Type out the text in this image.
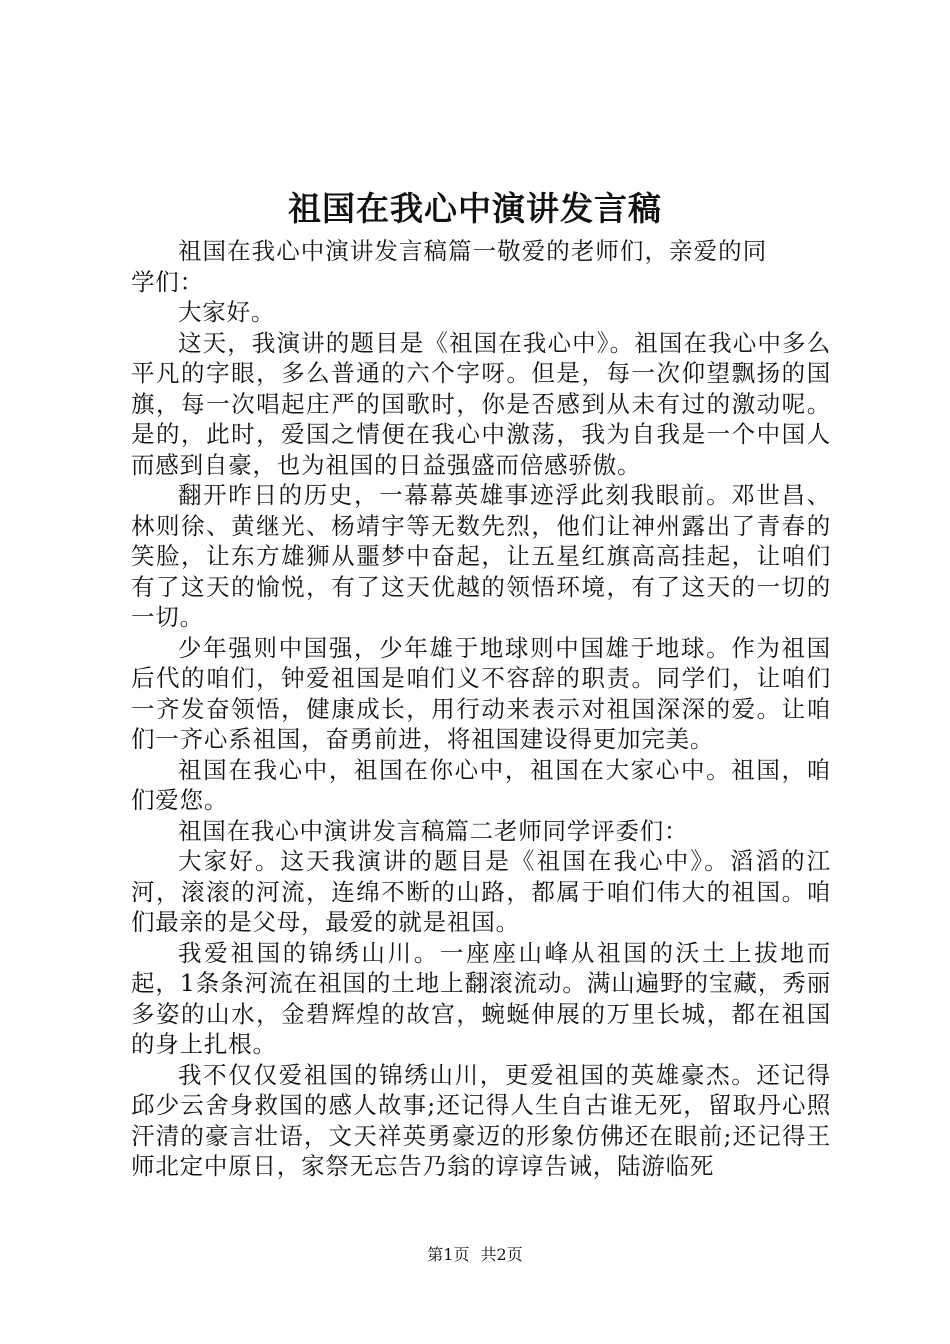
祖国在我心中演讲发言稿

祖国在我心中演讲发言稿篇一敬爱的老师们，亲爱的同学们：

大家好。

这天，我演讲的题目是《祖国在我心中》。祖国在我心中多么平凡的字眼，多么普通的六个字呀。但是，每一次仰望飘扬的国旗，每一次唱起庄严的国歌时，你是否感到从未有过的激动呢。是的，此时，爱国之情便在我心中激荡，我为自我是一个中国人而感到自豪，也为祖国的日益强盛而倍感骄傲。

翻开昨日的历史，一幕幕英雄事迹浮此刻我眼前。邓世昌、林则徐、黄继光、杨靖宇等无数先烈，他们让神州露出了青春的笑脸，让东方雄狮从噩梦中奋起，让五星红旗高高挂起，让咱们有了这天的愉悦，有了这天优越的领悟环境，有了这天的一切的一切。

少年强则中国强，少年雄于地球则中国雄于地球。作为祖国后代的咱们，钟爱祖国是咱们义不容辞的职责。同学们，让咱们一齐发奋领悟，健康成长，用行动来表示对祖国深深的爱。让咱们一齐心系祖国，奋勇前进，将祖国建设得更加完美。

祖国在我心中，祖国在你心中，祖国在大家心中。祖国，咱们爱您。

祖国在我心中演讲发言稿篇二老师同学评委们：

大家好。这天我演讲的题目是《祖国在我心中》。滔滔的江河，滚滚的河流，连绵不断的山路，都属于咱们伟大的祖国。咱们最亲的是父母，最爱的就是祖国。

我爱祖国的锦绣山川。一座座山峰从祖国的沃土上拔地而起，1条条河流在祖国的土地上翻滚流动。满山遍野的宝藏，秀丽多姿的山水，金碧辉煌的故宫，蜿蜒伸展的万里长城，都在祖国的身上扎根。

我不仅仅爱祖国的锦绣山川，更爱祖国的英雄豪杰。还记得邱少云舍身救国的感人故事;还记得人生自古谁无死，留取丹心照汗清的豪言壮语，文天祥英勇豪迈的形象仿佛还在眼前;还记得王师北定中原日，家祭无忘告乃翁的谆谆告诫，陆游临死

第1页 共2页
